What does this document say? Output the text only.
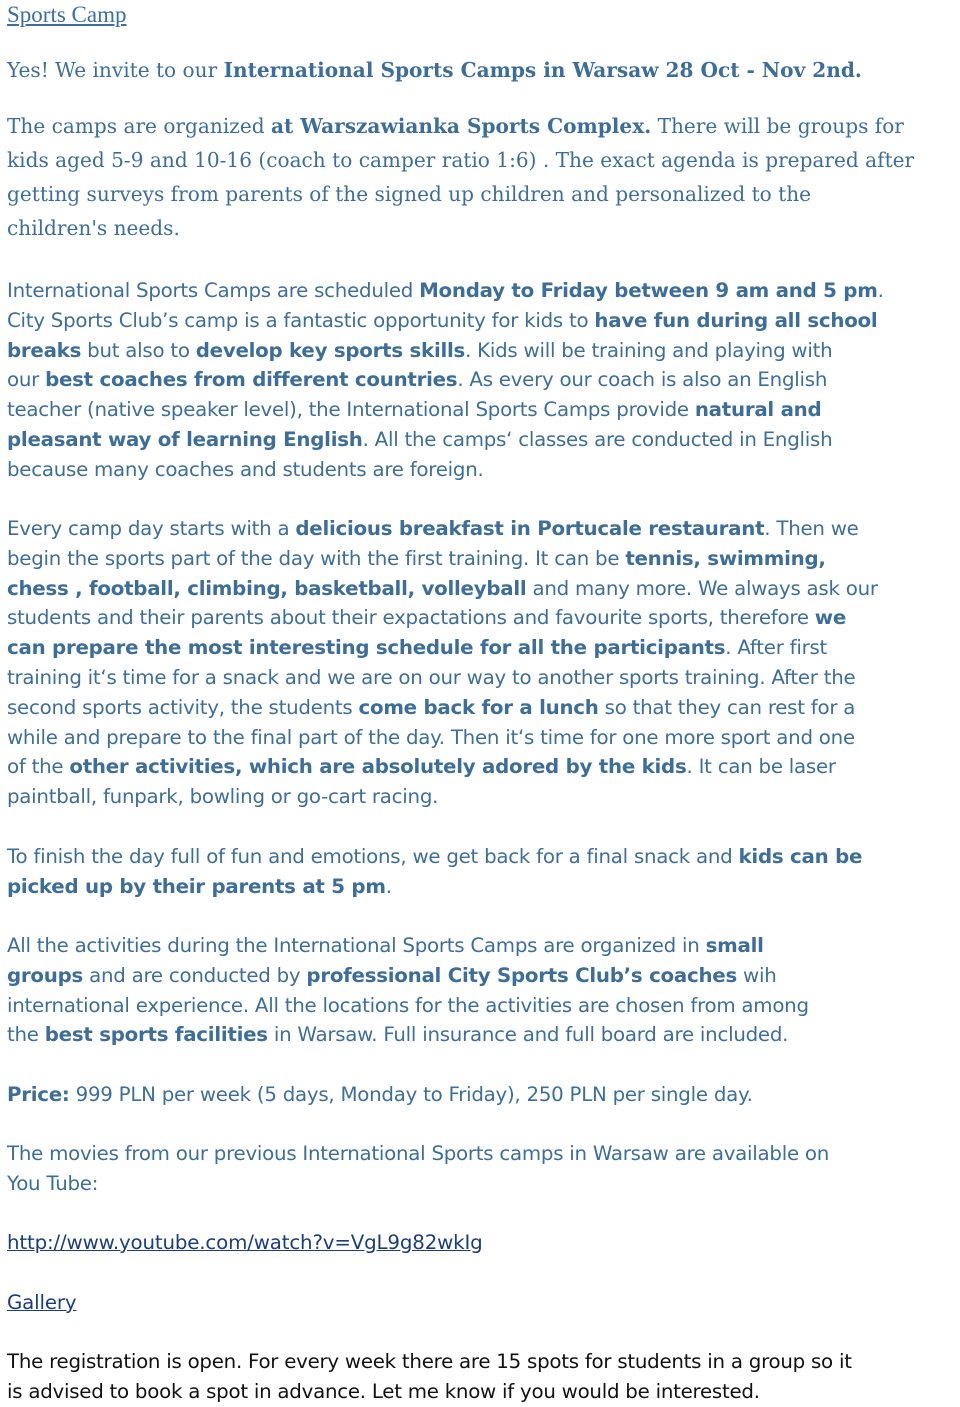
Sports Camp

Yes! We invite to our International Sports Camps in Warsaw 28 Oct - Nov 2nd.

The camps are organized at Warszawianka Sports Complex. There will be groups for
kids aged 5-9 and 10-16 (coach to camper ratio 1:6) . The exact agenda is prepared after
getting surveys from parents of the signed up children and personalized to the
children's needs.

International Sports Camps are scheduled Monday to Friday between 9 am and 5 pm.
City Sports Club’s camp is a fantastic opportunity for kids to have fun during all school
breaks but also to develop key sports skills. Kids will be training and playing with
our best coaches from different countries. As every our coach is also an English
teacher (native speaker level), the International Sports Camps provide natural and
pleasant way of learning English. All the camps‘ classes are conducted in English
because many coaches and students are foreign.

Every camp day starts with a delicious breakfast in Portucale restaurant. Then we
begin the sports part of the day with the first training. It can be tennis, swimming,
chess , football, climbing, basketball, volleyball and many more. We always ask our
students and their parents about their expactations and favourite sports, therefore we
can prepare the most interesting schedule for all the participants. After first
training it‘s time for a snack and we are on our way to another sports training. After the
second sports activity, the students come back for a lunch so that they can rest for a
while and prepare to the final part of the day. Then it‘s time for one more sport and one
of the other activities, which are absolutely adored by the kids. It can be laser
paintball, funpark, bowling or go-cart racing.

To finish the day full of fun and emotions, we get back for a final snack and kids can be
picked up by their parents at 5 pm.

All the activities during the International Sports Camps are organized in small
groups and are conducted by professional City Sports Club’s coaches wih
international experience. All the locations for the activities are chosen from among
the best sports facilities in Warsaw. Full insurance and full board are included.

Price: 999 PLN per week (5 days, Monday to Friday), 250 PLN per single day.

The movies from our previous International Sports camps in Warsaw are available on
You Tube:

http://www.youtube.com/watch?v=VgL9g82wkIg

Gallery

The registration is open. For every week there are 15 spots for students in a group so it
is advised to book a spot in advance. Let me know if you would be interested.
